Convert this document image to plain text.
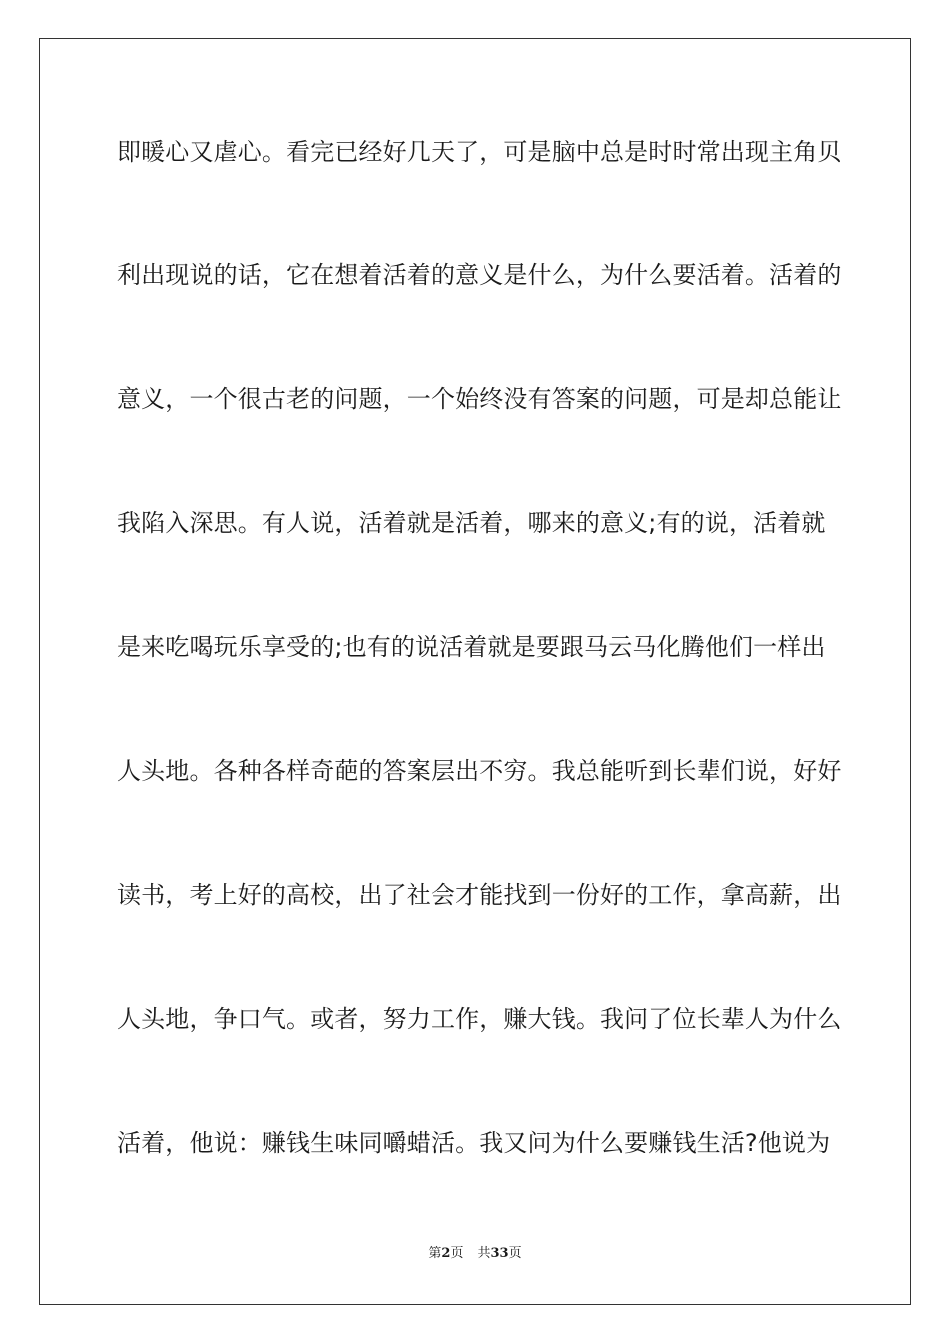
即暖心又虐心。看完已经好几天了，可是脑中总是时时常出现主角贝
利出现说的话，它在想着活着的意义是什么，为什么要活着。活着的
意义，一个很古老的问题，一个始终没有答案的问题，可是却总能让
我陷入深思。有人说，活着就是活着，哪来的意义;有的说，活着就
是来吃喝玩乐享受的;也有的说活着就是要跟马云马化腾他们一样出
人头地。各种各样奇葩的答案层出不穷。我总能听到长辈们说，好好
读书，考上好的高校，出了社会才能找到一份好的工作，拿高薪，出
人头地，争口气。或者，努力工作，赚大钱。我问了位长辈人为什么
活着，他说：赚钱生味同嚼蜡活。我又问为什么要赚钱生活?他说为
第2页 共33页
